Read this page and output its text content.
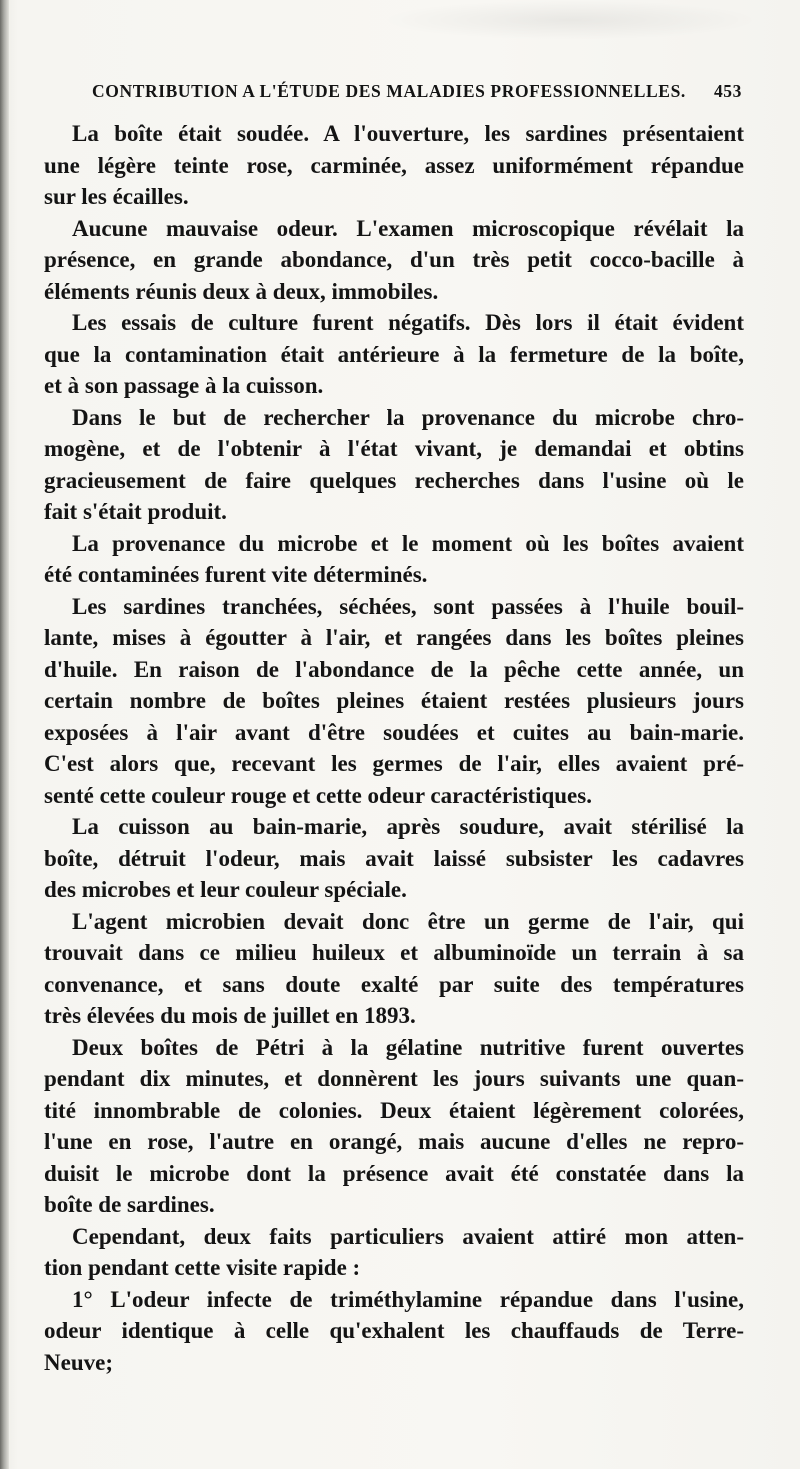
CONTRIBUTION A L'ÉTUDE DES MALADIES PROFESSIONNELLES. 453
La boîte était soudée. A l'ouverture, les sardines présentaient
une légère teinte rose, carminée, assez uniformément répandue
sur les écailles.
Aucune mauvaise odeur. L'examen microscopique révélait la
présence, en grande abondance, d'un très petit cocco-bacille à
éléments réunis deux à deux, immobiles.
Les essais de culture furent négatifs. Dès lors il était évident
que la contamination était antérieure à la fermeture de la boîte,
et à son passage à la cuisson.
Dans le but de rechercher la provenance du microbe chro-
mogène, et de l'obtenir à l'état vivant, je demandai et obtins
gracieusement de faire quelques recherches dans l'usine où le
fait s'était produit.
La provenance du microbe et le moment où les boîtes avaient
été contaminées furent vite déterminés.
Les sardines tranchées, séchées, sont passées à l'huile bouil-
lante, mises à égoutter à l'air, et rangées dans les boîtes pleines
d'huile. En raison de l'abondance de la pêche cette année, un
certain nombre de boîtes pleines étaient restées plusieurs jours
exposées à l'air avant d'être soudées et cuites au bain-marie.
C'est alors que, recevant les germes de l'air, elles avaient pré-
senté cette couleur rouge et cette odeur caractéristiques.
La cuisson au bain-marie, après soudure, avait stérilisé la
boîte, détruit l'odeur, mais avait laissé subsister les cadavres
des microbes et leur couleur spéciale.
L'agent microbien devait donc être un germe de l'air, qui
trouvait dans ce milieu huileux et albuminoïde un terrain à sa
convenance, et sans doute exalté par suite des températures
très élevées du mois de juillet en 1893.
Deux boîtes de Pétri à la gélatine nutritive furent ouvertes
pendant dix minutes, et donnèrent les jours suivants une quan-
tité innombrable de colonies. Deux étaient légèrement colorées,
l'une en rose, l'autre en orangé, mais aucune d'elles ne repro-
duisit le microbe dont la présence avait été constatée dans la
boîte de sardines.
Cependant, deux faits particuliers avaient attiré mon atten-
tion pendant cette visite rapide :
1° L'odeur infecte de triméthylamine répandue dans l'usine,
odeur identique à celle qu'exhalent les chauffauds de Terre-
Neuve;
